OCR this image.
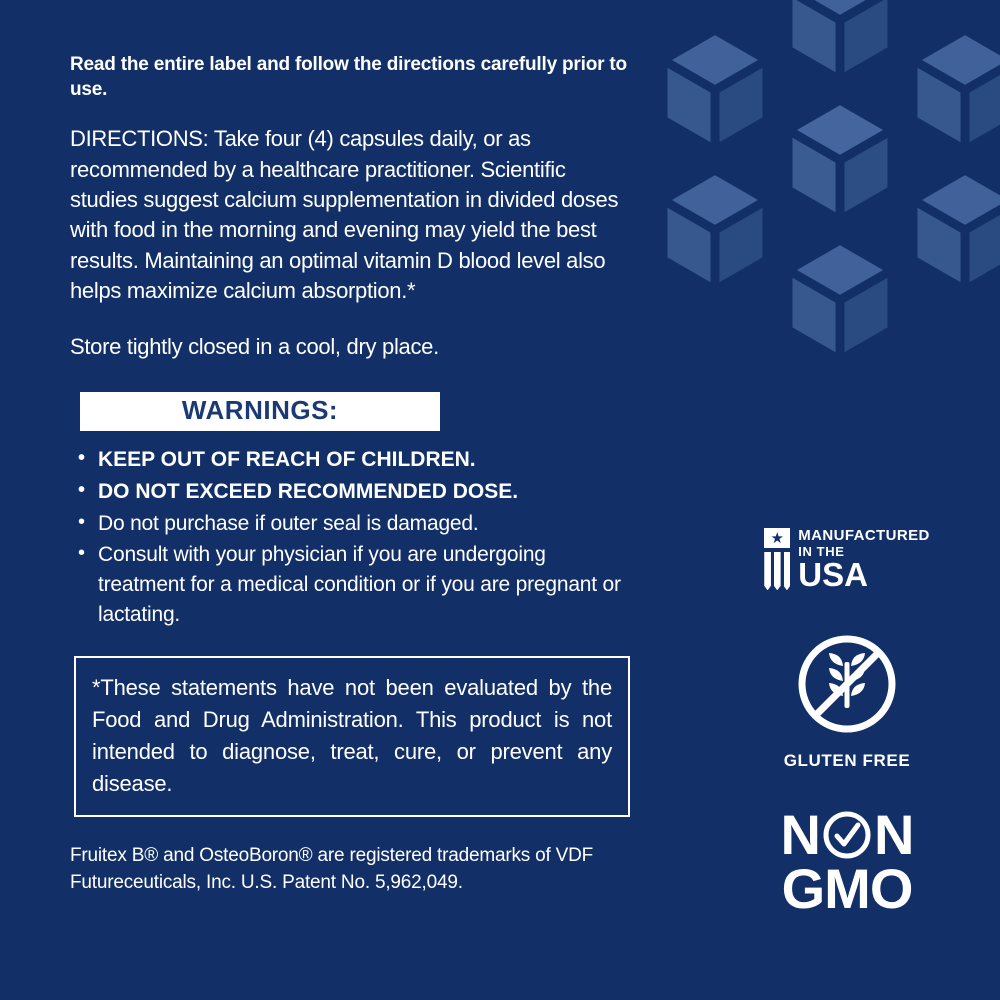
Read the entire label and follow the directions carefully prior to use.

DIRECTIONS: Take four (4) capsules daily, or as recommended by a healthcare practitioner. Scientific studies suggest calcium supplementation in divided doses with food in the morning and evening may yield the best results. Maintaining an optimal vitamin D blood level also helps maximize calcium absorption.*

Store tightly closed in a cool, dry place.

WARNINGS:
• KEEP OUT OF REACH OF CHILDREN.
• DO NOT EXCEED RECOMMENDED DOSE.
• Do not purchase if outer seal is damaged.
• Consult with your physician if you are undergoing treatment for a medical condition or if you are pregnant or lactating.

*These statements have not been evaluated by the Food and Drug Administration. This product is not intended to diagnose, treat, cure, or prevent any disease.

Fruitex B® and OsteoBoron® are registered trademarks of VDF Futureceuticals, Inc. U.S. Patent No. 5,962,049.

★ MANUFACTURED
IN THE
USA
GLUTEN FREE
N N
GMO
